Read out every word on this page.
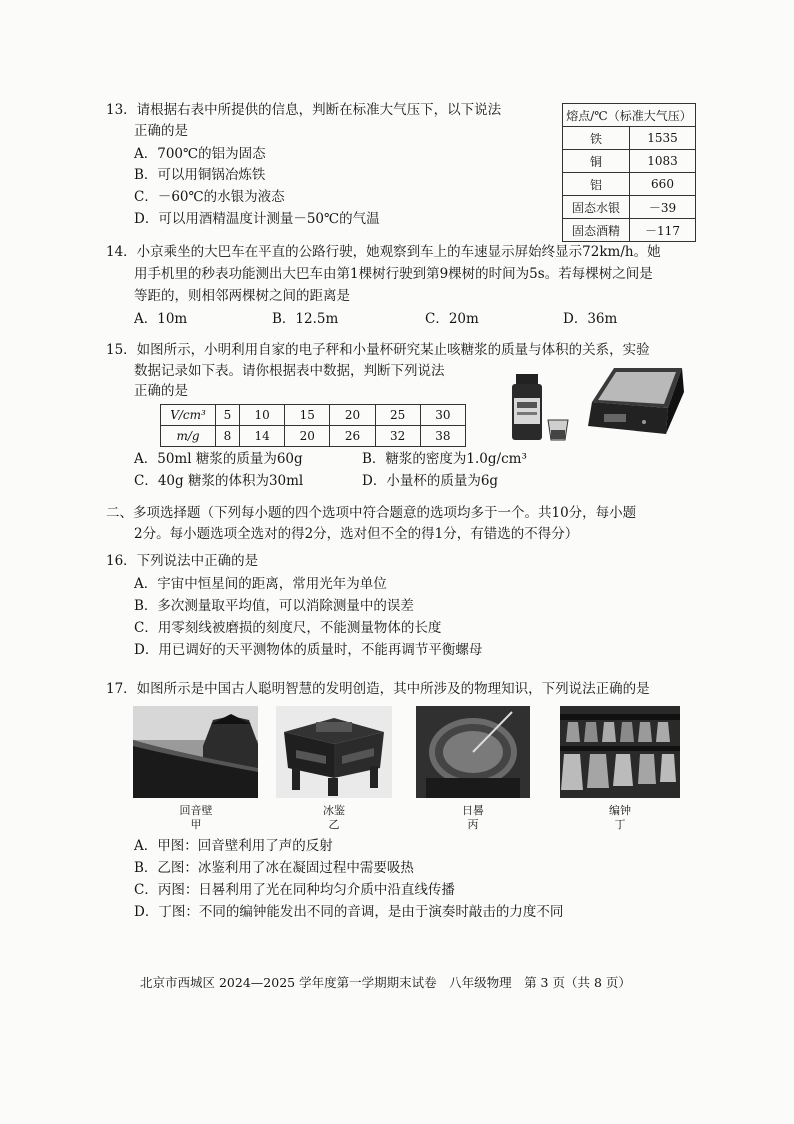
13．请根据右表中所提供的信息，判断在标准大气压下，以下说法
正确的是
A．700℃的铝为固态
B．可以用铜锅冶炼铁
C．－60℃的水银为液态
D．可以用酒精温度计测量－50℃的气温
熔点/℃（标准大气压）	
铁	1535
铜	1083
铝	660
固态水银	－39
固态酒精	－117
14．小京乘坐的大巴车在平直的公路行驶，她观察到车上的车速显示屏始终显示72km/h。她
用手机里的秒表功能测出大巴车由第1棵树行驶到第9棵树的时间为5s。若每棵树之间是
等距的，则相邻两棵树之间的距离是
A．10m	B．12.5m	C．20m	D．36m
15．如图所示，小明利用自家的电子秤和小量杯研究某止咳糖浆的质量与体积的关系，实验
数据记录如下表。请你根据表中数据，判断下列说法
正确的是
V/cm³	5	10	15	20	25	30
m/g	8	14	20	26	32	38
A．50ml 糖浆的质量为60g	B．糖浆的密度为1.0g/cm³
C．40g 糖浆的体积为30ml	D．小量杯的质量为6g
二、多项选择题（下列每小题的四个选项中符合题意的选项均多于一个。共10分，每小题
2分。每小题选项全选对的得2分，选对但不全的得1分，有错选的不得分）
16．下列说法中正确的是
A．宇宙中恒星间的距离，常用光年为单位
B．多次测量取平均值，可以消除测量中的误差
C．用零刻线被磨损的刻度尺，不能测量物体的长度
D．用已调好的天平测物体的质量时，不能再调节平衡螺母
17．如图所示是中国古人聪明智慧的发明创造，其中所涉及的物理知识，下列说法正确的是
回音壁
甲
冰鉴
乙
日晷
丙
编钟
丁
A．甲图：回音壁利用了声的反射
B．乙图：冰鉴利用了冰在凝固过程中需要吸热
C．丙图：日晷利用了光在同种均匀介质中沿直线传播
D．丁图：不同的编钟能发出不同的音调，是由于演奏时敲击的力度不同
北京市西城区 2024—2025 学年度第一学期期末试卷　八年级物理　第 3 页（共 8 页）
